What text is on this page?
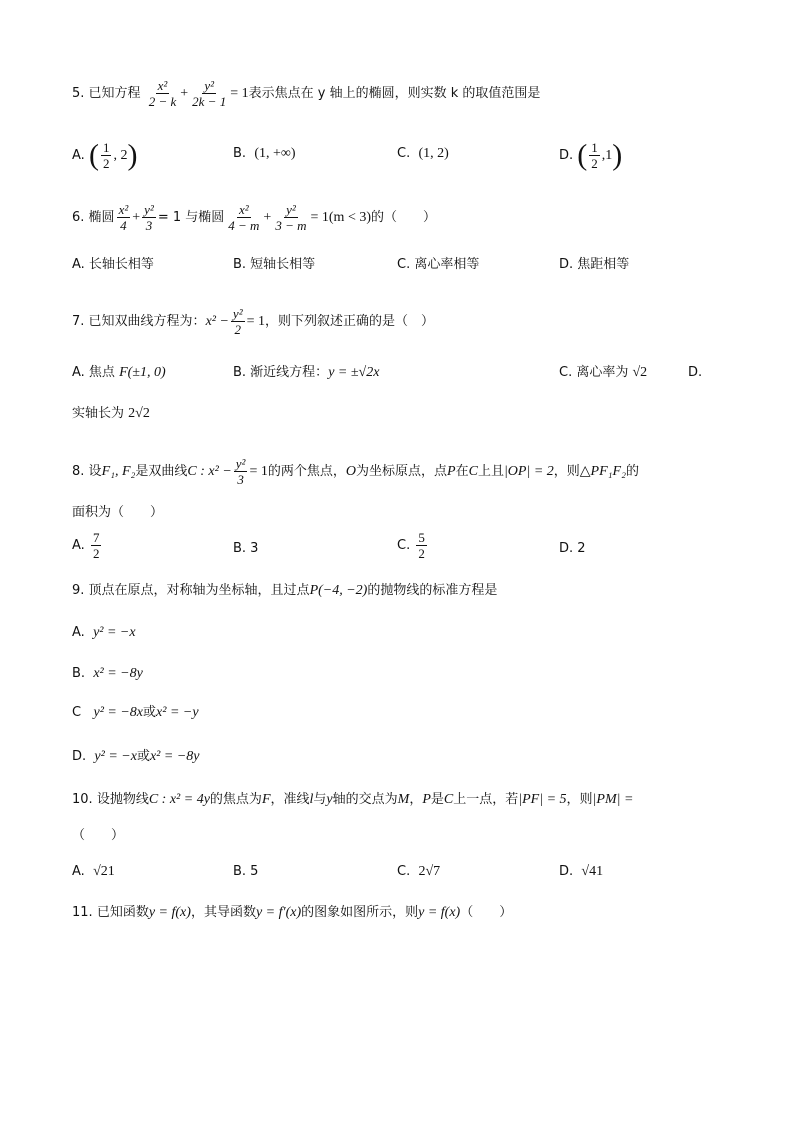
5. 已知方程 $\frac{\text{x²}}{2 - k} + \frac{\text{y²}}{2k - 1} = 1$表示焦点在 y 轴上的椭圆，则实数 k 的取值范围是
A. ( $\frac{1}{2}$ , 2)	B. (1, +∞)	C. (1, 2)	D. ( $\frac{1}{2} ,1$)
6. 椭圆 $\frac{\text{x²}}{4} + \frac{\text{y²}}{3} = 1$ 与椭圆 $\frac{\text{x²}}{4 - m} + \frac{\text{y²}}{3 - m} = 1(m < 3)$的（　　）
A. 长轴长相等	B. 短轴长相等	C. 离心率相等	D. 焦距相等
7. 已知双曲线方程为：$x^2 - \frac{\text{y²}}{2} = 1$，则下列叙述正确的是（　）
A. 焦点 F(±1, 0)	B. 渐近线方程：y = ±√2x	C. 离心率为 √2	D.
实轴长为 2√2
8. 设F₁, F₂是双曲线C : $x^2 - \frac{\text{y²}}{3} = 1$的两个焦点，O为坐标原点，点P在C上且|OP| = 2，则△PF₁F₂的
面积为（　　）
A. $\frac{7}{2}$	B. 3	C. $\frac{5}{2}$	D. 2
9. 顶点在原点，对称轴为坐标轴，且过点P(−4, −2)的抛物线的标准方程是
A. y² = −x
B. x² = −8y
C y² = −8x或x² = −y
D. y² = −x或x² = −8y
10. 设抛物线C : x² = 4y的焦点为F，准线l与y轴的交点为M，P是C上一点，若|PF| = 5，则|PM| =
（　　）
A. √21	B. 5	C. 2√7	D. √41
11. 已知函数y = f(x)，其导函数y = f′(x)的图象如图所示，则y = f(x)（　　）
